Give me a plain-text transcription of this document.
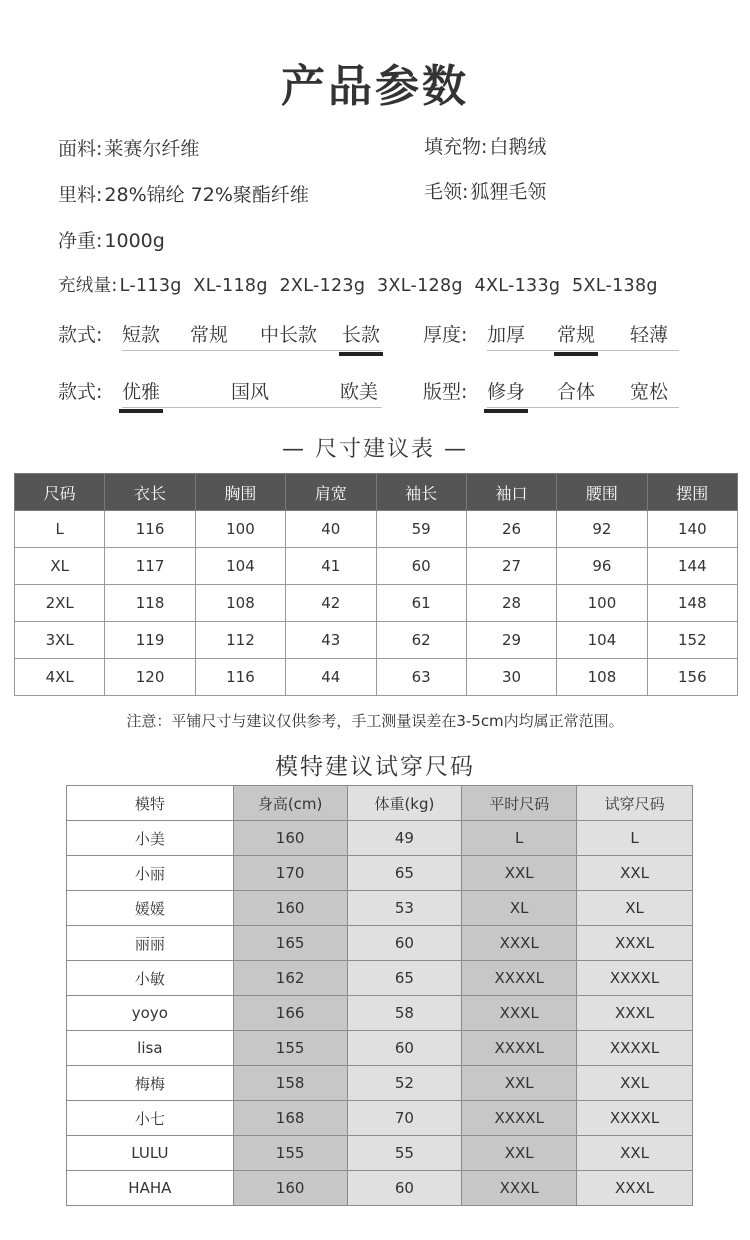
产品参数
面料: 莱赛尔纤维	填充物: 白鹅绒
里料: 28%锦纶 72%聚酯纤维	毛领: 狐狸毛领
净重: 1000g
充绒量: L-113g  XL-118g  2XL-123g  3XL-128g  4XL-133g  5XL-138g
款式: 短款 常规 中长款 长款 厚度: 加厚 常规 轻薄
款式: 优雅	国风	欧美 版型: 修身 合体 宽松
— 尺寸建议表 —
尺码	衣长	胸围	肩宽	袖长	袖口	腰围	摆围
L	116	100	40	59	26	92	140
XL	117	104	41	60	27	96	144
2XL	118	108	42	61	28	100	148
3XL	119	112	43	62	29	104	152
4XL	120	116	44	63	30	108	156
注意：平铺尺寸与建议仅供参考，手工测量误差在3-5cm内均属正常范围。
模特建议试穿尺码
模特	身高(cm)	体重(kg)	平时尺码	试穿尺码
小美	160	49	L	L
小丽	170	65	XXL	XXL
媛媛	160	53	XL	XL
丽丽	165	60	XXXL	XXXL
小敏	162	65	XXXXL	XXXXL
yoyo	166	58	XXXL	XXXL
lisa	155	60	XXXXL	XXXXL
梅梅	158	52	XXL	XXL
小七	168	70	XXXXL	XXXXL
LULU	155	55	XXL	XXL
HAHA	160	60	XXXL	XXXL
